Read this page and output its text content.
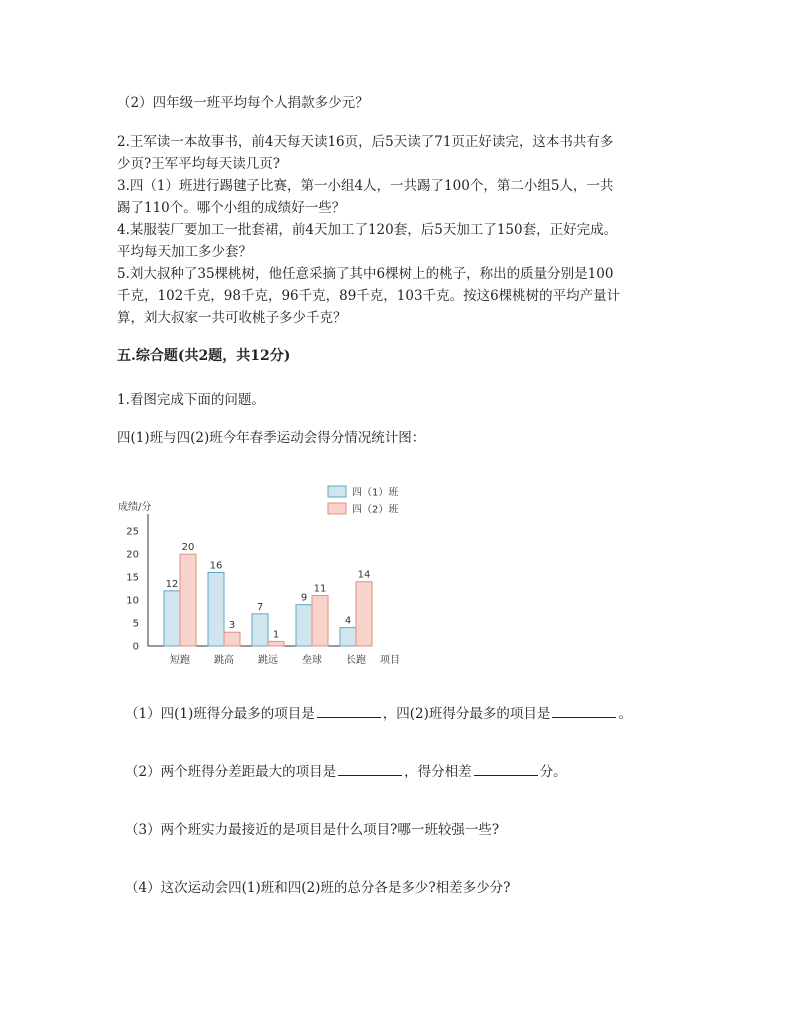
（2）四年级一班平均每个人捐款多少元？
2.王军读一本故事书，前4天每天读16页，后5天读了71页正好读完，这本书共有多
少页?王军平均每天读几页?
3.四（1）班进行踢毽子比赛，第一小组4人，一共踢了100个，第二小组5人，一共
踢了110个。哪个小组的成绩好一些？
4.某服装厂要加工一批套裙，前4天加工了120套，后5天加工了150套，正好完成。
平均每天加工多少套？
5.刘大叔种了35棵桃树，他任意采摘了其中6棵树上的桃子，称出的质量分别是100
千克，102千克，98千克，96千克，89千克，103千克。按这6棵桃树的平均产量计
算，刘大叔家一共可收桃子多少千克？
五.综合题(共2题，共12分)
1.看图完成下面的问题。
四(1)班与四(2)班今年春季运动会得分情况统计图：
成绩/分
项目
0
5
10
15
20
25
12
20
短跑
16
3
跳高
7
1
跳远
9
11
垒球
4
14
长跑
四（1）班
四（2）班
（1）四(1)班得分最多的项目是	，四(2)班得分最多的项目是	。
（2）两个班得分差距最大的项目是	，得分相差	分。
（3）两个班实力最接近的是项目是什么项目?哪一班较强一些?
（4）这次运动会四(1)班和四(2)班的总分各是多少?相差多少分?
